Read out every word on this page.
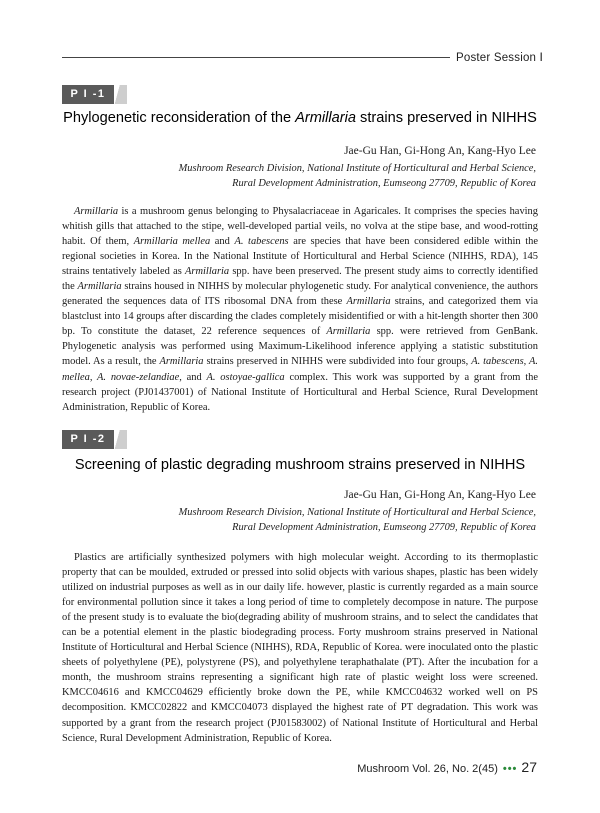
Poster Session Ⅰ
P I -1
Phylogenetic reconsideration of the Armillaria strains preserved in NIHHS
Jae-Gu Han, Gi-Hong An, Kang-Hyo Lee
Mushroom Research Division, National Institute of Horticultural and Herbal Science,
Rural Development Administration, Eumseong 27709, Republic of Korea

Armillaria is a mushroom genus belonging to Physalacriaceae in Agaricales. It comprises the species having whitish gills that attached to the stipe, well-developed partial veils, no volva at the stipe base, and wood-rotting habit. Of them, Armillaria mellea and A. tabescens are species that have been considered edible within the regional societies in Korea. In the National Institute of Horticultural and Herbal Science (NIHHS, RDA), 145 strains tentatively labeled as Armillaria spp. have been preserved. The present study aims to correctly identified the Armillaria strains housed in NIHHS by molecular phylogenetic study. For analytical convenience, the authors generated the sequences data of ITS ribosomal DNA from these Armillaria strains, and categorized them via blastclust into 14 groups after discarding the clades completely misidentified or with a hit-length shorter then 300 bp. To constitute the dataset, 22 reference sequences of Armillaria spp. were retrieved from GenBank. Phylogenetic analysis was performed using Maximum-Likelihood inference applying a statistic substitution model. As a result, the Armillaria strains preserved in NIHHS were subdivided into four groups, A. tabescens, A. mellea, A. novae-zelandiae, and A. ostoyae-gallica complex. This work was supported by a grant from the research project (PJ01437001) of National Institute of Horticultural and Herbal Science, Rural Development Administration, Republic of Korea.

P I -2
Screening of plastic degrading mushroom strains preserved in NIHHS
Jae-Gu Han, Gi-Hong An, Kang-Hyo Lee
Mushroom Research Division, National Institute of Horticultural and Herbal Science,
Rural Development Administration, Eumseong 27709, Republic of Korea

Plastics are artificially synthesized polymers with high molecular weight. According to its thermoplastic property that can be moulded, extruded or pressed into solid objects with various shapes, plastic has been widely utilized on industrial purposes as well as in our daily life. however, plastic is currently regarded as a main source for environmental pollution since it takes a long period of time to completely decompose in nature. The purpose of the present study is to evaluate the bio(degrading ability of mushroom strains, and to select the candidates that can be a potential element in the plastic biodegrading process. Forty mushroom strains preserved in National Institute of Horticultural and Herbal Science (NIHHS), RDA, Republic of Korea. were inoculated onto the plastic sheets of polyethylene (PE), polystyrene (PS), and polyethylene teraphathalate (PT). After the incubation for a month, the mushroom strains representing a significant high rate of plastic weight loss were screened. KMCC04616 and KMCC04629 efficiently broke down the PE, while KMCC04632 worked well on PS decomposition. KMCC02822 and KMCC04073 displayed the highest rate of PT degradation. This work was supported by a grant from the research project (PJ01583002) of National Institute of Horticultural and Herbal Science, Rural Development Administration, Republic of Korea.

Mushroom Vol. 26, No. 2(45) ••• 27
